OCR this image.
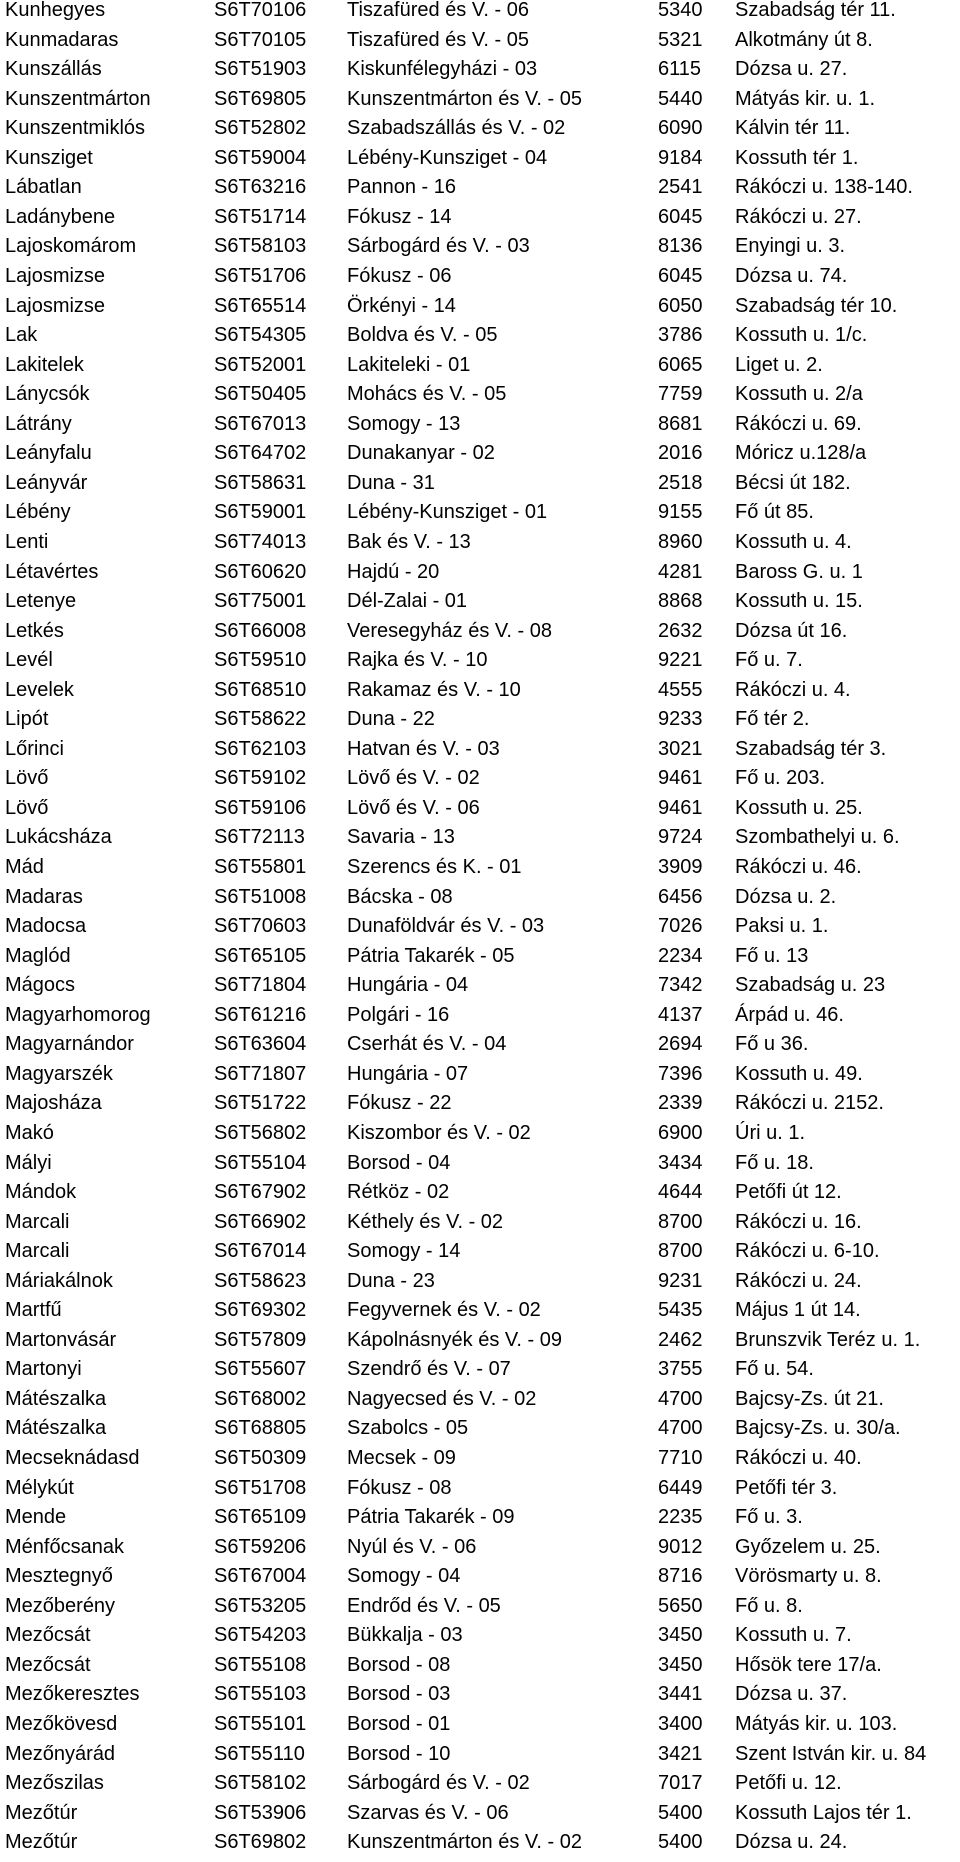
Kunhegyes	S6T70106 Tiszafüred és V. - 06	5340 Szabadság tér 11.
Kunmadaras	S6T70105 Tiszafüred és V. - 05	5321 Alkotmány út 8.
Kunszállás	S6T51903 Kiskunfélegyházi - 03	6115 Dózsa u. 27.
Kunszentmárton	S6T69805 Kunszentmárton és V. - 05	5440 Mátyás kir. u. 1.
Kunszentmiklós	S6T52802 Szabadszállás és V. - 02	6090 Kálvin tér 11.
Kunsziget	S6T59004 Lébény-Kunsziget - 04	9184 Kossuth tér 1.
Lábatlan	S6T63216 Pannon - 16	2541 Rákóczi u. 138-140.
Ladánybene	S6T51714 Fókusz - 14	6045 Rákóczi u. 27.
Lajoskomárom	S6T58103 Sárbogárd és V. - 03	8136 Enyingi u. 3.
Lajosmizse	S6T51706 Fókusz - 06	6045 Dózsa u. 74.
Lajosmizse	S6T65514 Örkényi - 14	6050 Szabadság tér 10.
Lak	S6T54305 Boldva és V. - 05	3786 Kossuth u. 1/c.
Lakitelek	S6T52001 Lakiteleki - 01	6065 Liget u. 2.
Lánycsók	S6T50405 Mohács és V. - 05	7759 Kossuth u. 2/a
Látrány	S6T67013 Somogy - 13	8681 Rákóczi u. 69.
Leányfalu	S6T64702 Dunakanyar - 02	2016 Móricz u.128/a
Leányvár	S6T58631 Duna - 31	2518 Bécsi út 182.
Lébény	S6T59001 Lébény-Kunsziget - 01	9155 Fő út 85.
Lenti	S6T74013 Bak és V. - 13	8960 Kossuth u. 4.
Létavértes	S6T60620 Hajdú - 20	4281 Baross G. u. 1
Letenye	S6T75001 Dél-Zalai - 01	8868 Kossuth u. 15.
Letkés	S6T66008 Veresegyház és V. - 08	2632 Dózsa út 16.
Levél	S6T59510 Rajka és V. - 10	9221 Fő u. 7.
Levelek	S6T68510 Rakamaz és V. - 10	4555 Rákóczi u. 4.
Lipót	S6T58622 Duna - 22	9233 Fő tér 2.
Lőrinci	S6T62103 Hatvan és V. - 03	3021 Szabadság tér 3.
Lövő	S6T59102 Lövő és V. - 02	9461 Fő u. 203.
Lövő	S6T59106 Lövő és V. - 06	9461 Kossuth u. 25.
Lukácsháza	S6T72113 Savaria - 13	9724 Szombathelyi u. 6.
Mád	S6T55801 Szerencs és K. - 01	3909 Rákóczi u. 46.
Madaras	S6T51008 Bácska - 08	6456 Dózsa u. 2.
Madocsa	S6T70603 Dunaföldvár és V. - 03	7026 Paksi u. 1.
Maglód	S6T65105 Pátria Takarék - 05	2234 Fő u. 13
Mágocs	S6T71804 Hungária - 04	7342 Szabadság u. 23
Magyarhomorog	S6T61216 Polgári - 16	4137 Árpád u. 46.
Magyarnándor	S6T63604 Cserhát és V. - 04	2694 Fő u 36.
Magyarszék	S6T71807 Hungária - 07	7396 Kossuth u. 49.
Majosháza	S6T51722 Fókusz - 22	2339 Rákóczi u. 2152.
Makó	S6T56802 Kiszombor és V. - 02	6900 Úri u. 1.
Mályi	S6T55104 Borsod - 04	3434 Fő u. 18.
Mándok	S6T67902 Rétköz - 02	4644 Petőfi út 12.
Marcali	S6T66902 Kéthely és V. - 02	8700 Rákóczi u. 16.
Marcali	S6T67014 Somogy - 14	8700 Rákóczi u. 6-10.
Máriakálnok	S6T58623 Duna - 23	9231 Rákóczi u. 24.
Martfű	S6T69302 Fegyvernek és V. - 02	5435 Május 1 út 14.
Martonvásár	S6T57809 Kápolnásnyék és V. - 09	2462 Brunszvik Teréz u. 1.
Martonyi	S6T55607 Szendrő és V. - 07	3755 Fő u. 54.
Mátészalka	S6T68002 Nagyecsed és V. - 02	4700 Bajcsy-Zs. út 21.
Mátészalka	S6T68805 Szabolcs - 05	4700 Bajcsy-Zs. u. 30/a.
Mecseknádasd	S6T50309 Mecsek - 09	7710 Rákóczi u. 40.
Mélykút	S6T51708 Fókusz - 08	6449 Petőfi tér 3.
Mende	S6T65109 Pátria Takarék - 09	2235 Fő u. 3.
Ménfőcsanak	S6T59206 Nyúl és V. - 06	9012 Győzelem u. 25.
Mesztegnyő	S6T67004 Somogy - 04	8716 Vörösmarty u. 8.
Mezőberény	S6T53205 Endrőd és V. - 05	5650 Fő u. 8.
Mezőcsát	S6T54203 Bükkalja - 03	3450 Kossuth u. 7.
Mezőcsát	S6T55108 Borsod - 08	3450 Hősök tere 17/a.
Mezőkeresztes	S6T55103 Borsod - 03	3441 Dózsa u. 37.
Mezőkövesd	S6T55101 Borsod - 01	3400 Mátyás kir. u. 103.
Mezőnyárád	S6T55110 Borsod - 10	3421 Szent István kir. u. 84
Mezőszilas	S6T58102 Sárbogárd és V. - 02	7017 Petőfi u. 12.
Mezőtúr	S6T53906 Szarvas és V. - 06	5400 Kossuth Lajos tér 1.
Mezőtúr	S6T69802 Kunszentmárton és V. - 02	5400 Dózsa u. 24.
